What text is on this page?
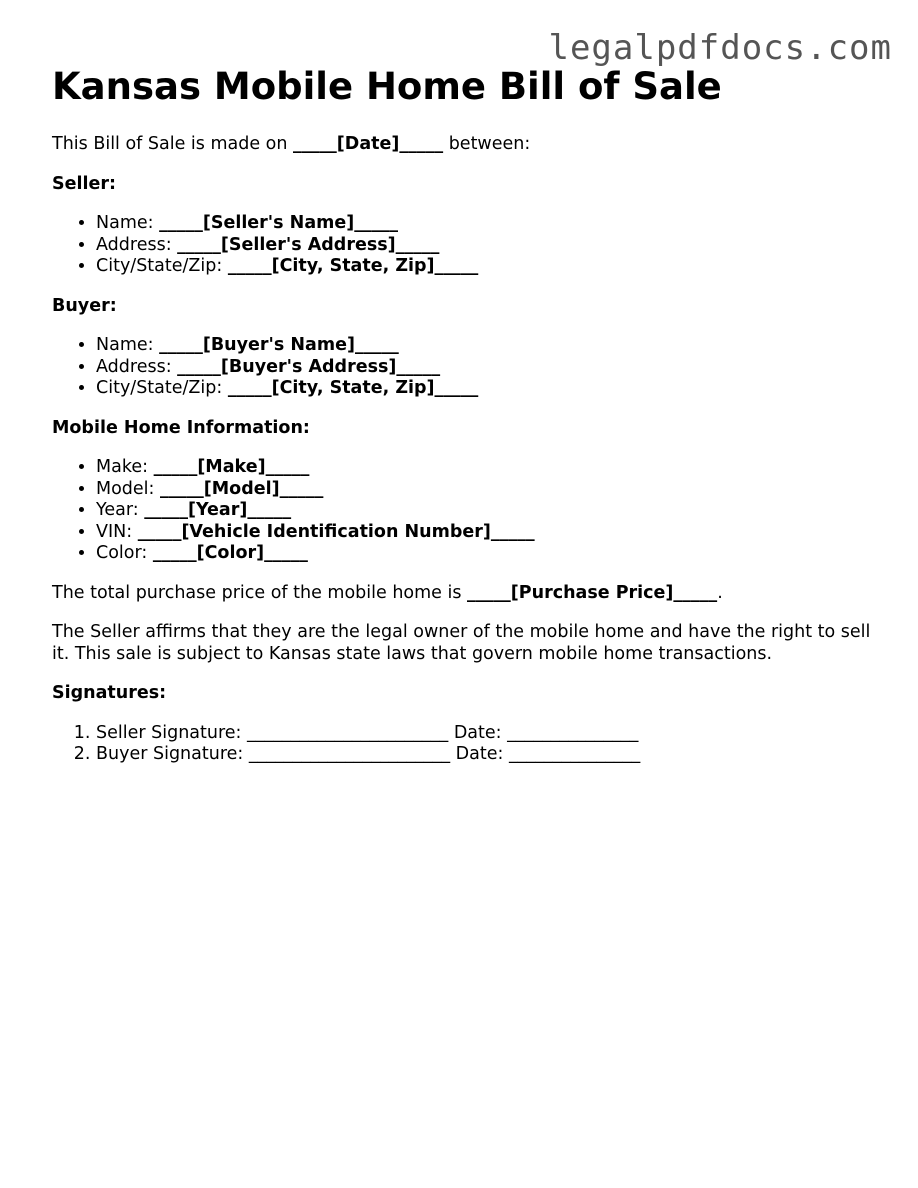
legalpdfdocs.com
Kansas Mobile Home Bill of Sale

This Bill of Sale is made on _____[Date]_____ between:

Seller:

• Name: _____[Seller's Name]_____
• Address: _____[Seller's Address]_____
• City/State/Zip: _____[City, State, Zip]_____

Buyer:

• Name: _____[Buyer's Name]_____
• Address: _____[Buyer's Address]_____
• City/State/Zip: _____[City, State, Zip]_____

Mobile Home Information:

• Make: _____[Make]_____
• Model: _____[Model]_____
• Year: _____[Year]_____
• VIN: _____[Vehicle Identification Number]_____
• Color: _____[Color]_____

The total purchase price of the mobile home is _____[Purchase Price]_____.

The Seller affirms that they are the legal owner of the mobile home and have the right to sell it. This sale is subject to Kansas state laws that govern mobile home transactions.

Signatures:

1. Seller Signature: _______________________ Date: _______________
2. Buyer Signature: _______________________ Date: _______________
